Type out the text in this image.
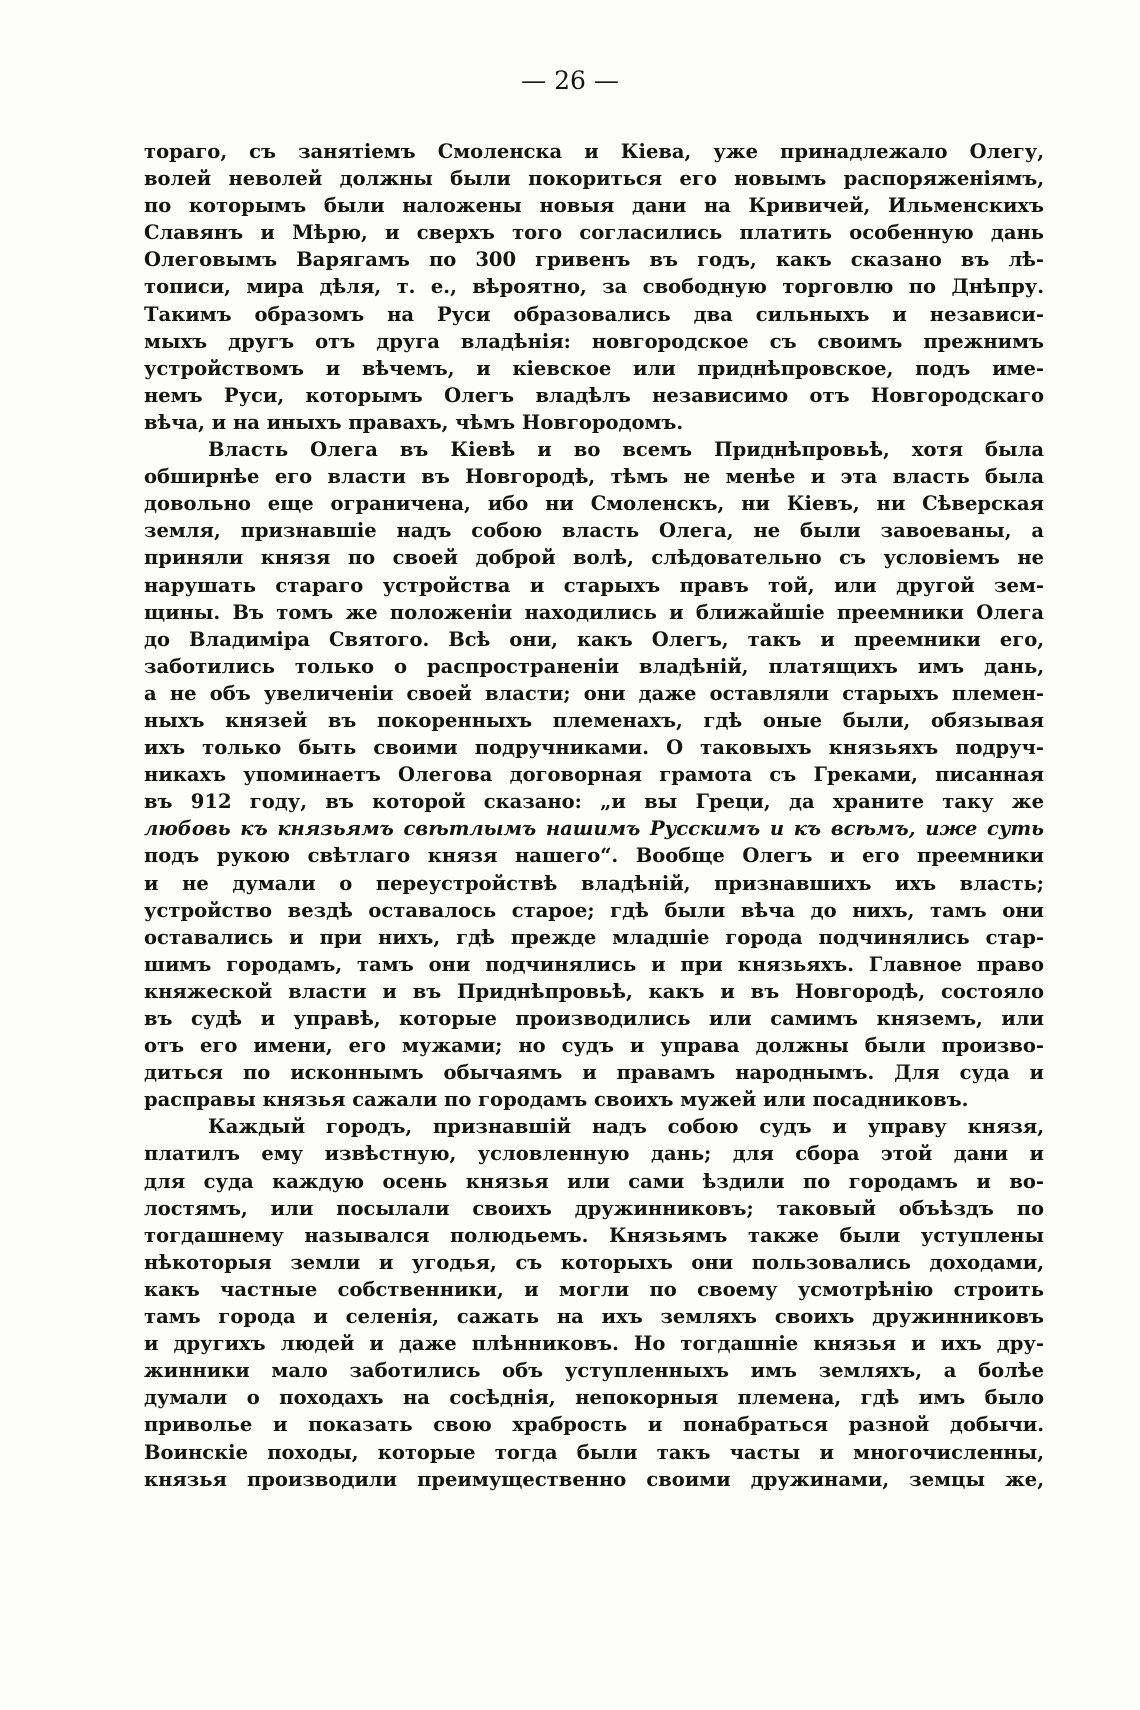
— 26 —
тораго, съ занятіемъ Смоленска и Кіева, уже принадлежало Олегу,
волей неволей должны были покориться его новымъ распоряженіямъ,
по которымъ были наложены новыя дани на Кривичей, Ильменскихъ
Славянъ и Мѣрю, и сверхъ того согласились платить особенную дань
Олеговымъ Варягамъ по 300 гривенъ въ годъ, какъ сказано въ лѣ-
тописи, мира дѣля, т. е., вѣроятно, за свободную торговлю по Днѣпру.
Такимъ образомъ на Руси образовались два сильныхъ и независи-
мыхъ другъ отъ друга владѣнія: новгородское съ своимъ прежнимъ
устройствомъ и вѣчемъ, и кіевское или приднѣпровское, подъ име-
немъ Руси, которымъ Олегъ владѣлъ независимо отъ Новгородскаго
вѣча, и на иныхъ правахъ, чѣмъ Новгородомъ.
Власть Олега въ Кіевѣ и во всемъ Приднѣпровьѣ, хотя была
обширнѣе его власти въ Новгородѣ, тѣмъ не менѣе и эта власть была
довольно еще ограничена, ибо ни Смоленскъ, ни Кіевъ, ни Сѣверская
земля, признавшіе надъ собою власть Олега, не были завоеваны, а
приняли князя по своей доброй волѣ, слѣдовательно съ условіемъ не
нарушать стараго устройства и старыхъ правъ той, или другой зем-
щины. Въ томъ же положеніи находились и ближайшіе преемники Олега
до Владиміра Святого. Всѣ они, какъ Олегъ, такъ и преемники его,
заботились только о распространеніи владѣній, платящихъ имъ дань,
а не объ увеличеніи своей власти; они даже оставляли старыхъ племен-
ныхъ князей въ покоренныхъ племенахъ, гдѣ оные были, обязывая
ихъ только быть своими подручниками. О таковыхъ князьяхъ подруч-
никахъ упоминаетъ Олегова договорная грамота съ Греками, писанная
въ 912 году, въ которой сказано: „и вы Греци, да храните таку же
любовь къ князьямъ свѣтлымъ нашимъ Русскимъ и къ всѣмъ, иже суть
подъ рукою свѣтлаго князя нашего“. Вообще Олегъ и его преемники
и не думали о переустройствѣ владѣній, признавшихъ ихъ власть;
устройство вездѣ оставалось старое; гдѣ были вѣча до нихъ, тамъ они
оставались и при нихъ, гдѣ прежде младшіе города подчинялись стар-
шимъ городамъ, тамъ они подчинялись и при князьяхъ. Главное право
княжеской власти и въ Приднѣпровьѣ, какъ и въ Новгородѣ, состояло
въ судѣ и управѣ, которые производились или самимъ княземъ, или
отъ его имени, его мужами; но судъ и управа должны были произво-
диться по исконнымъ обычаямъ и правамъ народнымъ. Для суда и
расправы князья сажали по городамъ своихъ мужей или посадниковъ.
Каждый городъ, признавшій надъ собою судъ и управу князя,
платилъ ему извѣстную, условленную дань; для сбора этой дани и
для суда каждую осень князья или сами ѣздили по городамъ и во-
лостямъ, или посылали своихъ дружинниковъ; таковый объѣздъ по
тогдашнему назывался полюдьемъ. Князьямъ также были уступлены
нѣкоторыя земли и угодья, съ которыхъ они пользовались доходами,
какъ частные собственники, и могли по своему усмотрѣнію строить
тамъ города и селенія, сажать на ихъ земляхъ своихъ дружинниковъ
и другихъ людей и даже плѣнниковъ. Но тогдашніе князья и ихъ дру-
жинники мало заботились объ уступленныхъ имъ земляхъ, а болѣе
думали о походахъ на сосѣднія, непокорныя племена, гдѣ имъ было
приволье и показать свою храбрость и понабраться разной добычи.
Воинскіе походы, которые тогда были такъ часты и многочисленны,
князья производили преимущественно своими дружинами, земцы же,
